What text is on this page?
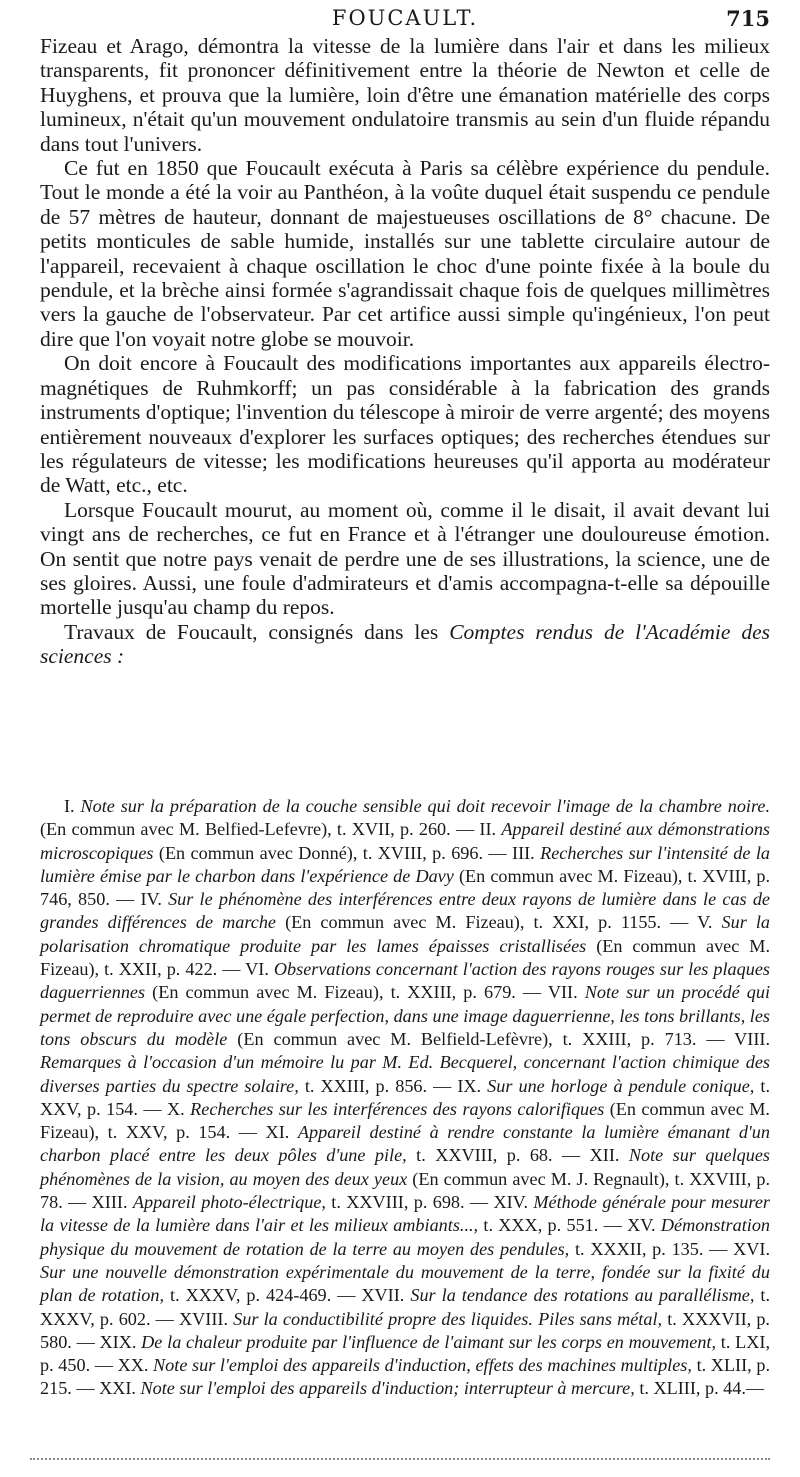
FOUCAULT.	715

Fizeau et Arago, démontra la vitesse de la lumière dans l'air et dans les milieux transparents, fit prononcer définitivement entre la théorie de Newton et celle de Huyghens, et prouva que la lumière, loin d'être une émanation matérielle des corps lumineux, n'était qu'un mouvement ondulatoire transmis au sein d'un fluide répandu dans tout l'univers.

Ce fut en 1850 que Foucault exécuta à Paris sa célèbre expérience du pendule. Tout le monde a été la voir au Panthéon, à la voûte duquel était suspendu ce pendule de 57 mètres de hauteur, donnant de majestueuses oscillations de 8° chacune. De petits monticules de sable humide, installés sur une tablette circulaire autour de l'appareil, recevaient à chaque oscillation le choc d'une pointe fixée à la boule du pendule, et la brèche ainsi formée s'agrandissait chaque fois de quelques millimètres vers la gauche de l'observateur. Par cet artifice aussi simple qu'ingénieux, l'on peut dire que l'on voyait notre globe se mouvoir.

On doit encore à Foucault des modifications importantes aux appareils électro-magnétiques de Ruhmkorff; un pas considérable à la fabrication des grands instruments d'optique; l'invention du télescope à miroir de verre argenté; des moyens entièrement nouveaux d'explorer les surfaces optiques; des recherches étendues sur les régulateurs de vitesse; les modifications heureuses qu'il apporta au modérateur de Watt, etc., etc.

Lorsque Foucault mourut, au moment où, comme il le disait, il avait devant lui vingt ans de recherches, ce fut en France et à l'étranger une douloureuse émotion. On sentit que notre pays venait de perdre une de ses illustrations, la science, une de ses gloires. Aussi, une foule d'admirateurs et d'amis accompagna-t-elle sa dépouille mortelle jusqu'au champ du repos.

Travaux de Foucault, consignés dans les Comptes rendus de l'Académie des sciences :

I. Note sur la préparation de la couche sensible qui doit recevoir l'image de la chambre noire. (En commun avec M. Belfied-Lefevre), t. XVII, p. 260. — II. Appareil destiné aux démonstrations microscopiques (En commun avec Donné), t. XVIII, p. 696. — III. Recherches sur l'intensité de la lumière émise par le charbon dans l'expérience de Davy (En commun avec M. Fizeau), t. XVIII, p. 746, 850. — IV. Sur le phénomène des interférences entre deux rayons de lumière dans le cas de grandes différences de marche (En commun avec M. Fizeau), t. XXI, p. 1155. — V. Sur la polarisation chromatique produite par les lames épaisses cristallisées (En commun avec M. Fizeau), t. XXII, p. 422. — VI. Observations concernant l'action des rayons rouges sur les plaques daguerriennes (En commun avec M. Fizeau), t. XXIII, p. 679. — VII. Note sur un procédé qui permet de reproduire avec une égale perfection, dans une image daguerrienne, les tons brillants, les tons obscurs du modèle (En commun avec M. Belfield-Lefèvre), t. XXIII, p. 713. — VIII. Remarques à l'occasion d'un mémoire lu par M. Ed. Becquerel, concernant l'action chimique des diverses parties du spectre solaire, t. XXIII, p. 856. — IX. Sur une horloge à pendule conique, t. XXV, p. 154. — X. Recherches sur les interférences des rayons calorifiques (En commun avec M. Fizeau), t. XXV, p. 154. — XI. Appareil destiné à rendre constante la lumière émanant d'un charbon placé entre les deux pôles d'une pile, t. XXVIII, p. 68. — XII. Note sur quelques phénomènes de la vision, au moyen des deux yeux (En commun avec M. J. Regnault), t. XXVIII, p. 78. — XIII. Appareil photo-électrique, t. XXVIII, p. 698. — XIV. Méthode générale pour mesurer la vitesse de la lumière dans l'air et les milieux ambiants..., t. XXX, p. 551. — XV. Démonstration physique du mouvement de rotation de la terre au moyen des pendules, t. XXXII, p. 135. — XVI. Sur une nouvelle démonstration expérimentale du mouvement de la terre, fondée sur la fixité du plan de rotation, t. XXXV, p. 424-469. — XVII. Sur la tendance des rotations au parallélisme, t. XXXV, p. 602. — XVIII. Sur la conductibilité propre des liquides. Piles sans métal, t. XXXVII, p. 580. — XIX. De la chaleur produite par l'influence de l'aimant sur les corps en mouvement, t. LXI, p. 450. — XX. Note sur l'emploi des appareils d'induction, effets des machines multiples, t. XLII, p. 215. — XXI. Note sur l'emploi des appareils d'induction; interrupteur à mercure, t. XLIII, p. 44.—
